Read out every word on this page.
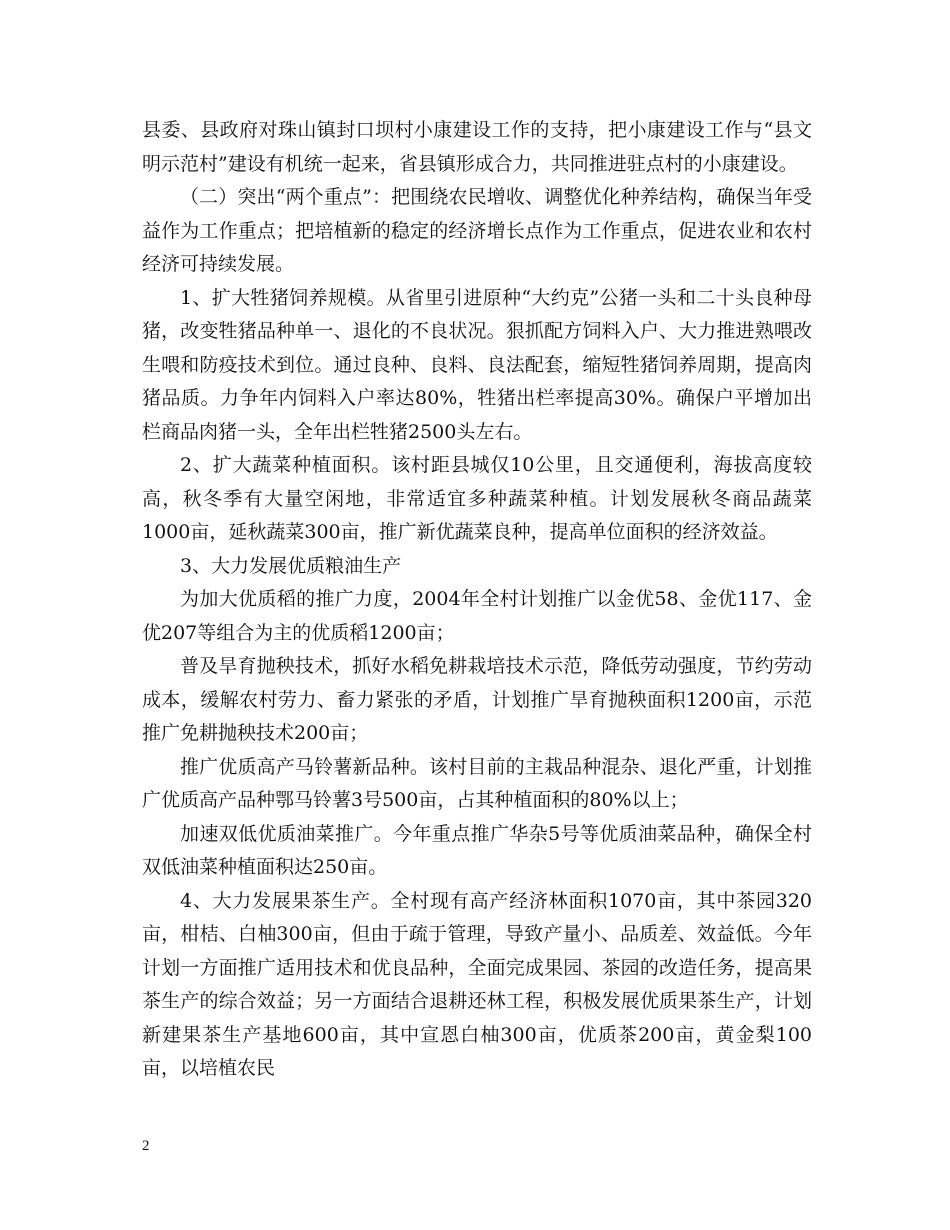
县委、县政府对珠山镇封口坝村小康建设工作的支持，把小康建设工作与“县文明示范村”建设有机统一起来，省县镇形成合力，共同推进驻点村的小康建设。

（二）突出“两个重点”：把围绕农民增收、调整优化种养结构，确保当年受益作为工作重点；把培植新的稳定的经济增长点作为工作重点，促进农业和农村经济可持续发展。

1、扩大牲猪饲养规模。从省里引进原种“大约克”公猪一头和二十头良种母猪，改变牲猪品种单一、退化的不良状况。狠抓配方饲料入户、大力推进熟喂改生喂和防疫技术到位。通过良种、良料、良法配套，缩短牲猪饲养周期，提高肉猪品质。力争年内饲料入户率达80%，牲猪出栏率提高30%。确保户平增加出栏商品肉猪一头，全年出栏牲猪2500头左右。

2、扩大蔬菜种植面积。该村距县城仅10公里，且交通便利，海拔高度较高，秋冬季有大量空闲地，非常适宜多种蔬菜种植。计划发展秋冬商品蔬菜1000亩，延秋蔬菜300亩，推广新优蔬菜良种，提高单位面积的经济效益。

3、大力发展优质粮油生产

为加大优质稻的推广力度，2004年全村计划推广以金优58、金优117、金优207等组合为主的优质稻1200亩；

普及旱育抛秧技术，抓好水稻免耕栽培技术示范，降低劳动强度，节约劳动成本，缓解农村劳力、畜力紧张的矛盾，计划推广旱育抛秧面积1200亩，示范推广免耕抛秧技术200亩；

推广优质高产马铃薯新品种。该村目前的主栽品种混杂、退化严重，计划推广优质高产品种鄂马铃薯3号500亩，占其种植面积的80%以上；

加速双低优质油菜推广。今年重点推广华杂5号等优质油菜品种，确保全村双低油菜种植面积达250亩。

4、大力发展果茶生产。全村现有高产经济林面积1070亩，其中茶园320亩，柑桔、白柚300亩，但由于疏于管理，导致产量小、品质差、效益低。今年计划一方面推广适用技术和优良品种，全面完成果园、茶园的改造任务，提高果茶生产的综合效益；另一方面结合退耕还林工程，积极发展优质果茶生产，计划新建果茶生产基地600亩，其中宣恩白柚300亩，优质茶200亩，黄金梨100亩，以培植农民

2
